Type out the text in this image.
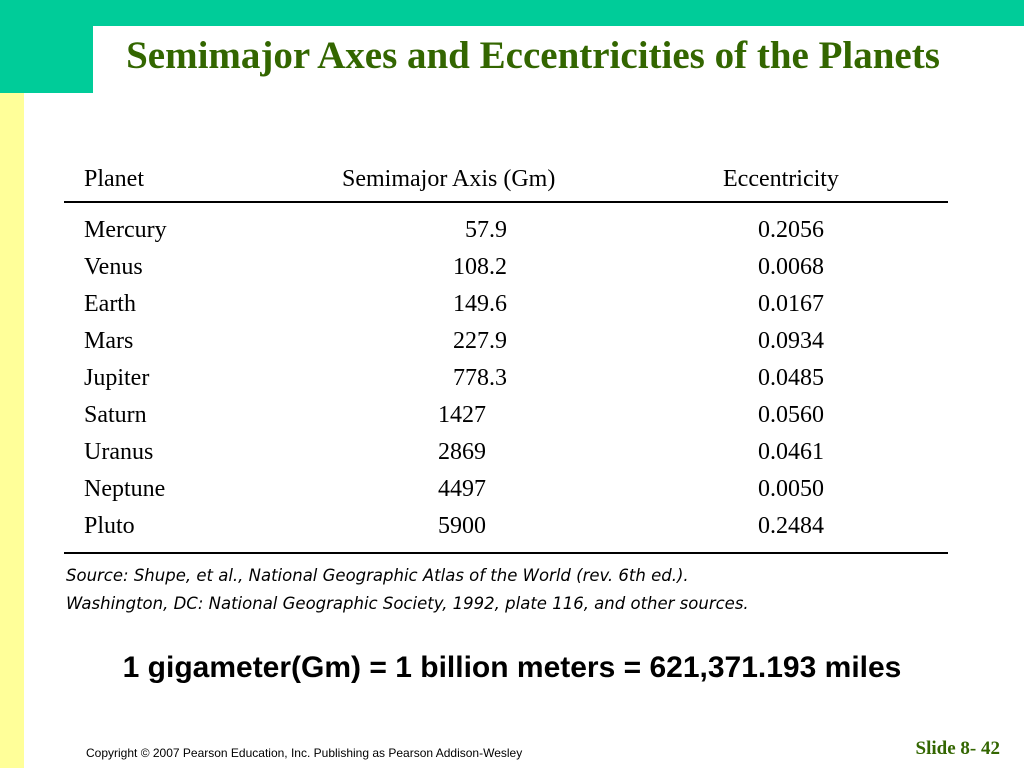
Semimajor Axes and Eccentricities of the Planets
Planet	Semimajor Axis (Gm)	Eccentricity
Mercury	57.9	0.2056
Venus	108.2	0.0068
Earth	149.6	0.0167
Mars	227.9	0.0934
Jupiter	778.3	0.0485
Saturn	1427	0.0560
Uranus	2869	0.0461
Neptune	4497	0.0050
Pluto	5900	0.2484
Source: Shupe, et al., National Geographic Atlas of the World (rev. 6th ed.).
Washington, DC: National Geographic Society, 1992, plate 116, and other sources.
1 gigameter(Gm) = 1 billion meters = 621,371.193 miles
Copyright © 2007 Pearson Education, Inc. Publishing as Pearson Addison-Wesley	Slide 8- 42
